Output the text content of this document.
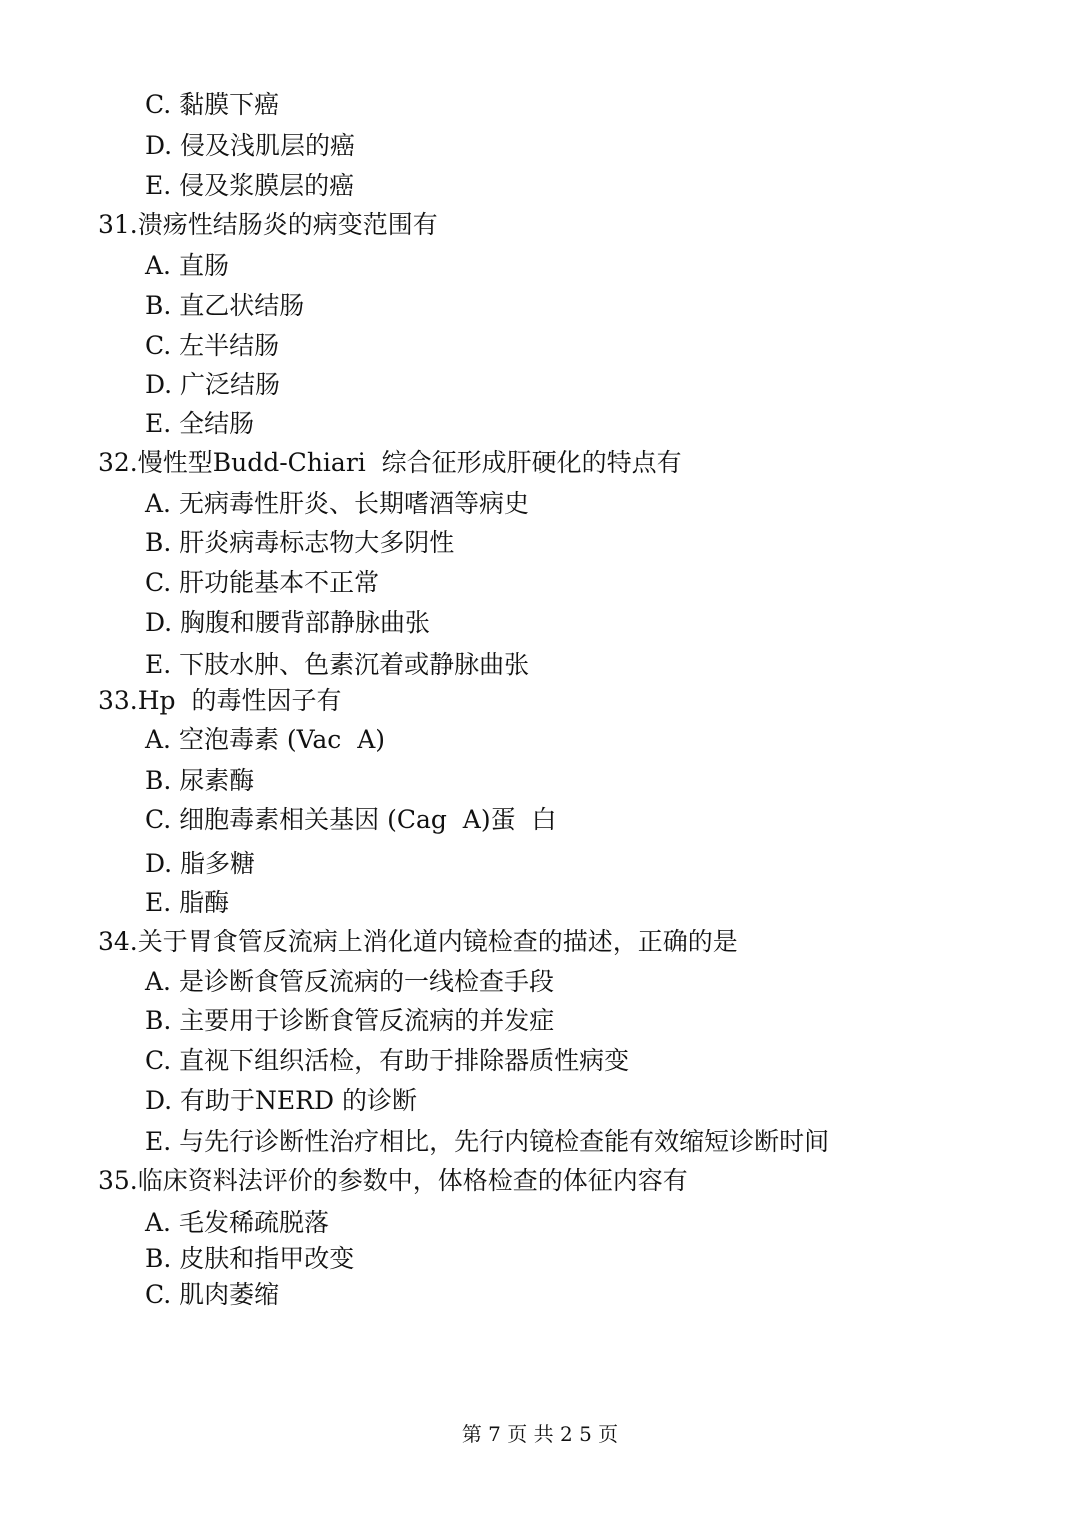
C. 黏膜下癌
D. 侵及浅肌层的癌
E. 侵及浆膜层的癌
31.溃疡性结肠炎的病变范围有
A. 直肠
B. 直乙状结肠
C. 左半结肠
D. 广泛结肠
E. 全结肠
32.慢性型Budd-Chiari  综合征形成肝硬化的特点有
A. 无病毒性肝炎、长期嗜酒等病史
B. 肝炎病毒标志物大多阴性
C. 肝功能基本不正常
D. 胸腹和腰背部静脉曲张
E. 下肢水肿、色素沉着或静脉曲张
33.Hp  的毒性因子有
A. 空泡毒素 (Vac  A)
B. 尿素酶
C. 细胞毒素相关基因 (Cag  A)蛋  白
D. 脂多糖
E. 脂酶
34.关于胃食管反流病上消化道内镜检查的描述，正确的是
A. 是诊断食管反流病的一线检查手段
B. 主要用于诊断食管反流病的并发症
C. 直视下组织活检，有助于排除器质性病变
D. 有助于NERD 的诊断
E. 与先行诊断性治疗相比，先行内镜检查能有效缩短诊断时间
35.临床资料法评价的参数中，体格检查的体征内容有
A. 毛发稀疏脱落
B. 皮肤和指甲改变
C. 肌肉萎缩
第 7 页 共 2 5 页
